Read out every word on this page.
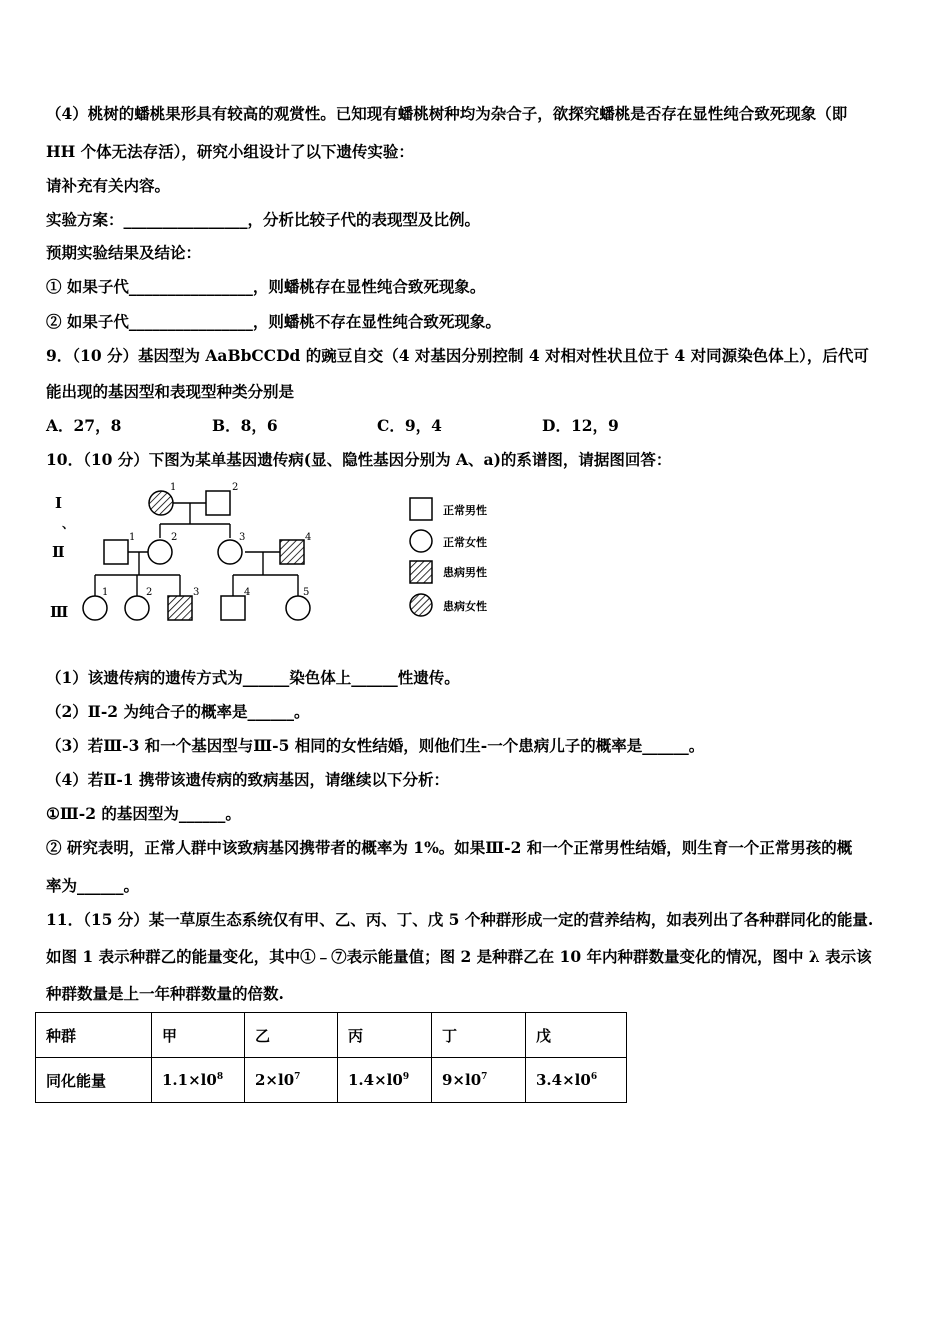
（4）桃树的蟠桃果形具有较高的观赏性。已知现有蟠桃树种均为杂合子，欲探究蟠桃是否存在显性纯合致死现象（即
HH 个体无法存活），研究小组设计了以下遗传实验：
请补充有关内容。
实验方案：________________，分析比较子代的表现型及比例。
预期实验结果及结论：
① 如果子代________________，则蟠桃存在显性纯合致死现象。
② 如果子代________________，则蟠桃不存在显性纯合致死现象。
9．（10 分）基因型为 AaBbCCDd 的豌豆自交（4 对基因分别控制 4 对相对性状且位于 4 对同源染色体上），后代可
能出现的基因型和表现型种类分别是
A．27，8	B．8，6	C．9，4	D．12，9
10．（10 分）下图为某单基因遗传病(显、隐性基因分别为 A、a)的系谱图，请据图回答：
Ⅰ
、
Ⅱ
Ⅲ
1	2
1	2	3	4
1	2	3	4	5
正常男性
正常女性
患病男性
患病女性
（1）该遗传病的遗传方式为______染色体上______性遗传。
（2）Ⅱ-2 为纯合子的概率是______。
（3）若Ⅲ-3 和一个基因型与Ⅲ-5 相同的女性结婚，则他们生-一个患病儿子的概率是______。
（4）若Ⅱ-1 携带该遗传病的致病基因，请继续以下分析：
①Ⅲ-2 的基因型为______。
② 研究表明，正常人群中该致病基冈携带者的概率为 1%。如果Ⅲ-2 和一个正常男性结婚，则生育一个正常男孩的概
率为______。
11．（15 分）某一草原生态系统仅有甲、乙、丙、丁、戊 5 个种群形成一定的营养结构，如表列出了各种群同化的能量.
如图 1 表示种群乙的能量变化，其中①﹣⑦表示能量值；图 2 是种群乙在 10 年内种群数量变化的情况，图中 λ 表示该
种群数量是上一年种群数量的倍数.
种群	甲	乙	丙	丁	戊
同化能量	$1.1\times l0^8$	$2\times l0^7$	$1.4\times l0^9$	$9\times l0^7$	$3.4\times l0^6$
